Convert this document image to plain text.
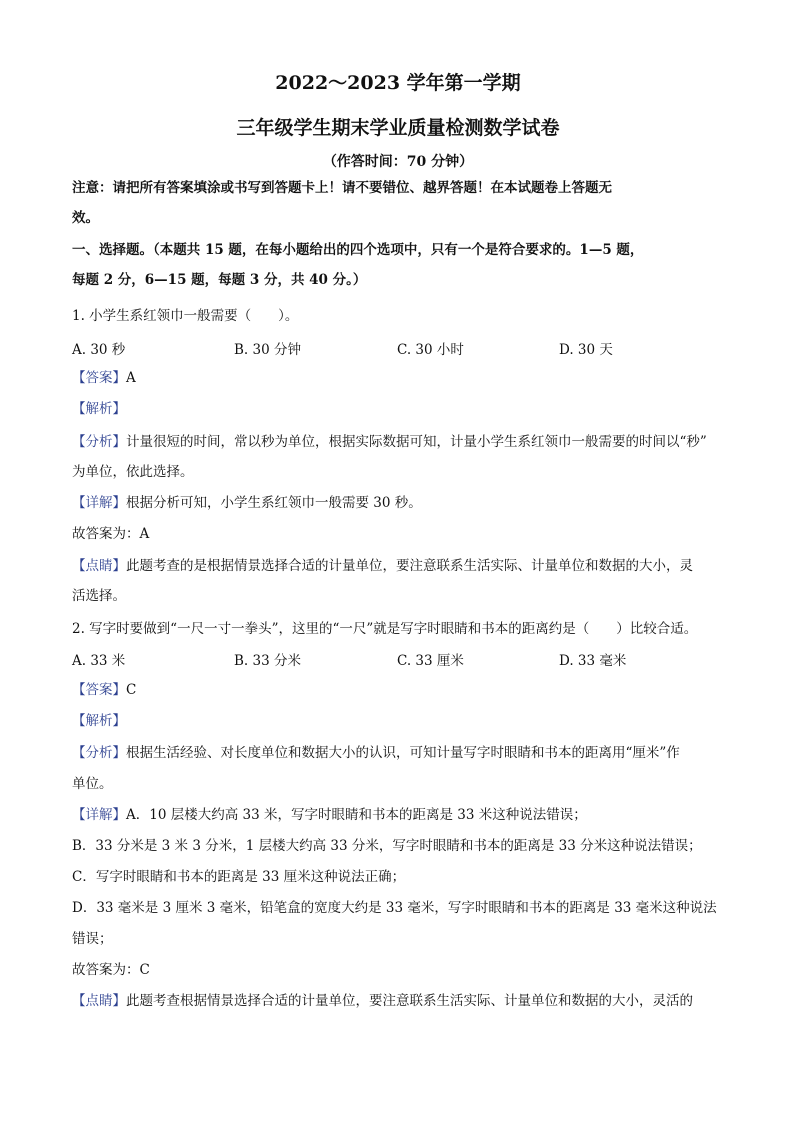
2022～2023 学年第一学期
三年级学生期末学业质量检测数学试卷
（作答时间：70 分钟）
注意：请把所有答案填涂或书写到答题卡上！请不要错位、越界答题！在本试题卷上答题无
效。
一、选择题。（本题共 15 题，在每小题给出的四个选项中，只有一个是符合要求的。1—5 题，
每题 2 分，6—15 题，每题 3 分，共 40 分。）
1. 小学生系红领巾一般需要（　　）。
A. 30 秒	B. 30 分钟	C. 30 小时	D. 30 天
【答案】A
【解析】
【分析】计量很短的时间，常以秒为单位，根据实际数据可知，计量小学生系红领巾一般需要的时间以“秒”
为单位，依此选择。
【详解】根据分析可知，小学生系红领巾一般需要 30 秒。
故答案为：A
【点睛】此题考查的是根据情景选择合适的计量单位，要注意联系生活实际、计量单位和数据的大小，灵
活选择。
2. 写字时要做到“一尺一寸一拳头”，这里的“一尺”就是写字时眼睛和书本的距离约是（　　）比较合适。
A. 33 米	B. 33 分米	C. 33 厘米	D. 33 毫米
【答案】C
【解析】
【分析】根据生活经验、对长度单位和数据大小的认识，可知计量写字时眼睛和书本的距离用“厘米”作
单位。
【详解】A．10 层楼大约高 33 米，写字时眼睛和书本的距离是 33 米这种说法错误；
B．33 分米是 3 米 3 分米，1 层楼大约高 33 分米，写字时眼睛和书本的距离是 33 分米这种说法错误；
C．写字时眼睛和书本的距离是 33 厘米这种说法正确；
D．33 毫米是 3 厘米 3 毫米，铅笔盒的宽度大约是 33 毫米，写字时眼睛和书本的距离是 33 毫米这种说法
错误；
故答案为：C
【点睛】此题考查根据情景选择合适的计量单位，要注意联系生活实际、计量单位和数据的大小，灵活的
